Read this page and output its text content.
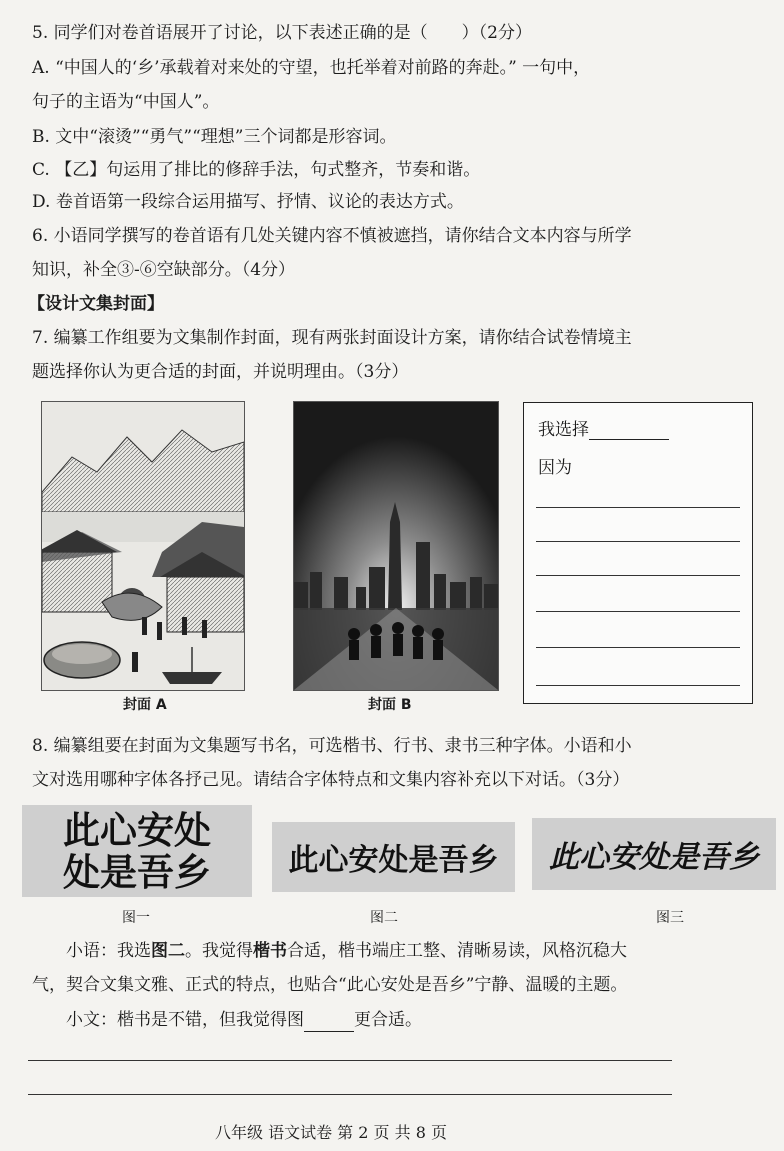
5. 同学们对卷首语展开了讨论，以下表述正确的是（　　）（2分）
A. “中国人的‘乡’承载着对来处的守望，也托举着对前路的奔赴。” 一句中，
句子的主语为“中国人”。
B. 文中“滚烫”“勇气”“理想”三个词都是形容词。
C. 【乙】句运用了排比的修辞手法，句式整齐，节奏和谐。
D. 卷首语第一段综合运用描写、抒情、议论的表达方式。
6. 小语同学撰写的卷首语有几处关键内容不慎被遮挡，请你结合文本内容与所学
知识，补全③-⑥空缺部分。（4分）
【设计文集封面】
7. 编纂工作组要为文集制作封面，现有两张封面设计方案，请你结合试卷情境主
题选择你认为更合适的封面，并说明理由。（3分）
封面 A	封面 B
我选择
因为
8. 编纂组要在封面为文集题写书名，可选楷书、行书、隶书三种字体。小语和小
文对选用哪种字体各抒己见。请结合字体特点和文集内容补充以下对话。（3分）
此心安处
处是吾乡	此心安处是吾乡 此心安处是吾乡
图一	图二	图三
小语：我选图二。我觉得楷书合适，楷书端庄工整、清晰易读，风格沉稳大
气，契合文集文雅、正式的特点，也贴合“此心安处是吾乡”宁静、温暖的主题。
小文：楷书是不错，但我觉得图	更合适。
八年级 语文试卷 第 2 页 共 8 页
